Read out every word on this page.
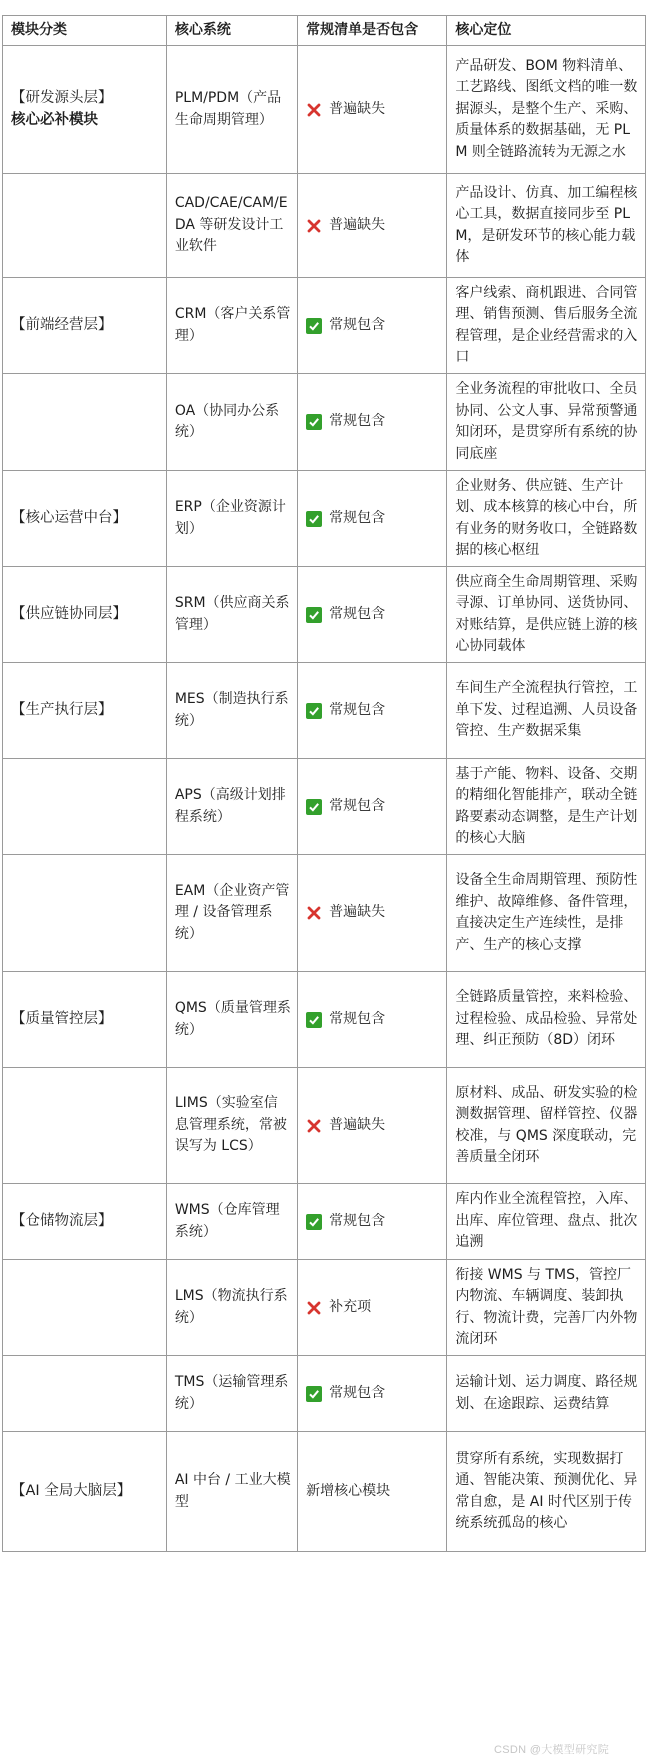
模块分类	核心系统	常规清单是否包含	核心定位
【研发源头层】
核心必补模块	PLM/PDM（产品生命周期管理）	普遍缺失	产品研发、BOM 物料清单、工艺路线、图纸文档的唯一数据源头，是整个生产、采购、质量体系的数据基础，无 PLM 则全链路流转为无源之水
	CAD/CAE/CAM/EDA 等研发设计工业软件	普遍缺失	产品设计、仿真、加工编程核心工具，数据直接同步至 PLM，是研发环节的核心能力载体
【前端经营层】	CRM（客户关系管理）	常规包含	客户线索、商机跟进、合同管理、销售预测、售后服务全流程管理，是企业经营需求的入口
	OA（协同办公系统）	常规包含	全业务流程的审批收口、全员协同、公文人事、异常预警通知闭环，是贯穿所有系统的协同底座
【核心运营中台】	ERP（企业资源计划）	常规包含	企业财务、供应链、生产计划、成本核算的核心中台，所有业务的财务收口，全链路数据的核心枢纽
【供应链协同层】	SRM（供应商关系管理）	常规包含	供应商全生命周期管理、采购寻源、订单协同、送货协同、对账结算，是供应链上游的核心协同载体
【生产执行层】	MES（制造执行系统）	常规包含	车间生产全流程执行管控，工单下发、过程追溯、人员设备管控、生产数据采集
	APS（高级计划排程系统）	常规包含	基于产能、物料、设备、交期的精细化智能排产，联动全链路要素动态调整，是生产计划的核心大脑
	EAM（企业资产管理 / 设备管理系统）	普遍缺失	设备全生命周期管理、预防性维护、故障维修、备件管理，直接决定生产连续性，是排产、生产的核心支撑
【质量管控层】	QMS（质量管理系统）	常规包含	全链路质量管控，来料检验、过程检验、成品检验、异常处理、纠正预防（8D）闭环
	LIMS（实验室信息管理系统，常被误写为 LCS）	普遍缺失	原材料、成品、研发实验的检测数据管理、留样管控、仪器校准，与 QMS 深度联动，完善质量全闭环
【仓储物流层】	WMS（仓库管理系统）	常规包含	库内作业全流程管控，入库、出库、库位管理、盘点、批次追溯
	LMS（物流执行系统）	补充项	衔接 WMS 与 TMS，管控厂内物流、车辆调度、装卸执行、物流计费，完善厂内外物流闭环
	TMS（运输管理系统）	常规包含	运输计划、运力调度、路径规划、在途跟踪、运费结算
【AI 全局大脑层】	AI 中台 / 工业大模型	新增核心模块	贯穿所有系统，实现数据打通、智能决策、预测优化、异常自愈，是 AI 时代区别于传统系统孤岛的核心
CSDN @大模型研究院
